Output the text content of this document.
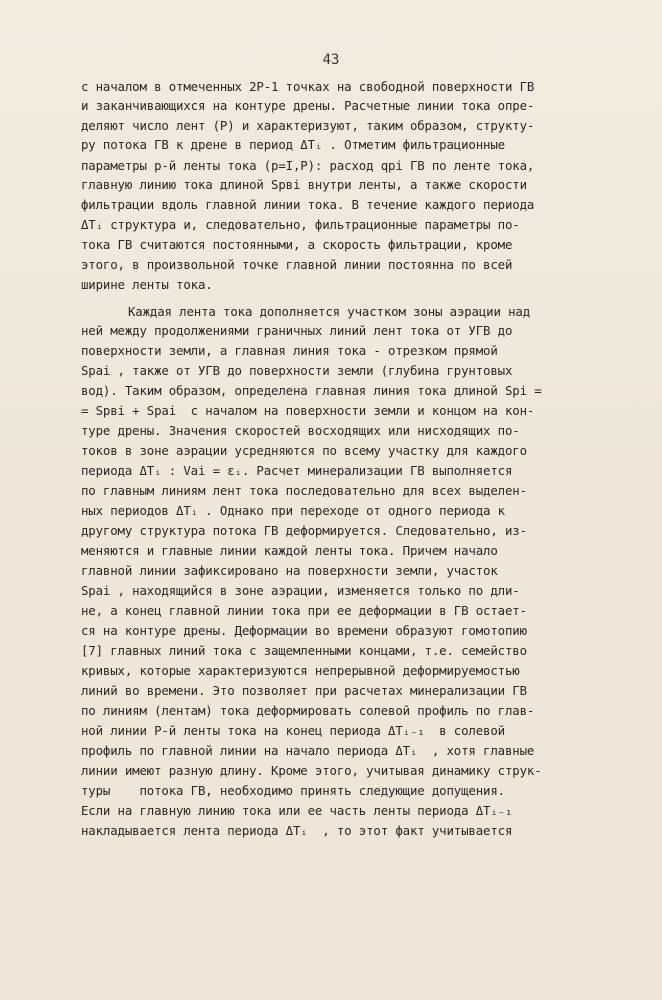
43
с началом в отмеченных 2P-1 точках на свободной поверхности ГВ
и заканчивающихся на контуре дрены. Расчетные линии тока опре-
деляют число лент (P) и характеризуют, таким образом, структу-
ру потока ГВ к дрене в период ΔTᵢ . Отметим фильтрационные
параметры p-й ленты тока (p=I,P): расход qpi ГВ по ленте тока,
главную линию тока длиной Spвi внутри ленты, а также скорости
фильтрации вдоль главной линии тока. В течение каждого периода
ΔTᵢ структура и, следовательно, фильтрационные параметры по-
тока ГВ считаются постоянными, а скорость фильтрации, кроме
этого, в произвольной точке главной линии постоянна по всей
ширине ленты тока.
Каждая лента тока дополняется участком зоны аэрации над
ней между продолжениями граничных линий лент тока от УГВ до
поверхности земли, а главная линия тока - отрезком прямой
Spai , также от УГВ до поверхности земли (глубина грунтовых
вод). Таким образом, определена главная линия тока длиной Spi =
= Spвi + Spai  с началом на поверхности земли и концом на кон-
туре дрены. Значения скоростей восходящих или нисходящих по-
токов в зоне аэрации усредняются по всему участку для каждого
периода ΔTᵢ : Vai = εᵢ. Расчет минерализации ГВ выполняется
по главным линиям лент тока последовательно для всех выделен-
ных периодов ΔTᵢ . Однако при переходе от одного периода к
другому структура потока ГВ деформируется. Следовательно, из-
меняются и главные линии каждой ленты тока. Причем начало
главной линии зафиксировано на поверхности земли, участок
Spai , находящийся в зоне аэрации, изменяется только по дли-
не, а конец главной линии тока при ее деформации в ГВ остает-
ся на контуре дрены. Деформации во времени образуют гомотопию
[7] главных линий тока с защемленными концами, т.е. семейство
кривых, которые характеризуются непрерывной деформируемостью
линий во времени. Это позволяет при расчетах минерализации ГВ
по линиям (лентам) тока деформировать солевой профиль по глав-
ной линии P-й ленты тока на конец периода ΔTᵢ₋₁  в солевой
профиль по главной линии на начало периода ΔTᵢ  , хотя главные
линии имеют разную длину. Кроме этого, учитывая динамику струк-
туры    потока ГВ, необходимо принять следующие допущения.
Если на главную линию тока или ее часть ленты периода ΔTᵢ₋₁
накладывается лента периода ΔTᵢ  , то этот факт учитывается
